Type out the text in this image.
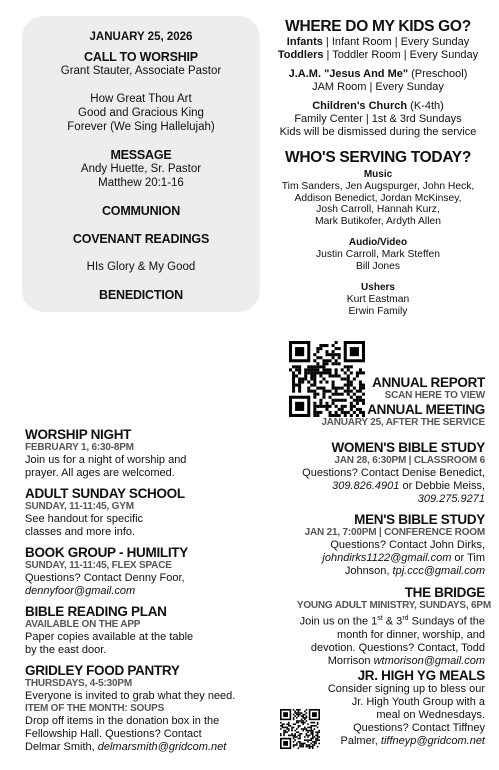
JANUARY 25, 2026
CALL TO WORSHIP
Grant Stauter, Associate Pastor
How Great Thou Art
Good and Gracious King
Forever (We Sing Hallelujah)
MESSAGE
Andy Huette, Sr. Pastor
Matthew 20:1-16
COMMUNION
COVENANT READINGS
HIs Glory & My Good
BENEDICTION
WHERE DO MY KIDS GO?
Infants | Infant Room | Every Sunday
Toddlers | Toddler Room | Every Sunday
J.A.M. "Jesus And Me" (Preschool)
JAM Room | Every Sunday
Children's Church (K-4th)
Family Center | 1st & 3rd Sundays
Kids will be dismissed during the service
WHO'S SERVING TODAY?
Music
Tim Sanders, Jen Augspurger, John Heck,
Addison Benedict, Jordan McKinsey,
Josh Carroll, Hannah Kurz,
Mark Butikofer, Ardyth Allen
Audio/Video
Justin Carroll, Mark Steffen
Bill Jones
Ushers
Kurt Eastman
Erwin Family
ANNUAL REPORT
SCAN HERE TO VIEW
ANNUAL MEETING
JANUARY 25, AFTER THE SERVICE
WOMEN'S BIBLE STUDY
JAN 28, 6:30PM | CLASSROOM 6
Questions? Contact Denise Benedict,
309.826.4901 or Debbie Meiss,
309.275.9271
MEN'S BIBLE STUDY
JAN 21, 7:00PM | CONFERENCE ROOM
Questions? Contact John Dirks,
johndirks1122@gmail.com or Tim
Johnson, tpj.ccc@gmail.com
THE BRIDGE
YOUNG ADULT MINISTRY, SUNDAYS, 6PM
Join us on the 1st & 3rd Sundays of the
month for dinner, worship, and
devotion. Questions? Contact, Todd
Morrison wtmorison@gmail.com
JR. HIGH YG MEALS
Consider signing up to bless our
Jr. High Youth Group with a
meal on Wednesdays.
Questions? Contact Tiffney
Palmer, tiffneyp@gridcom.net
WORSHIP NIGHT
FEBRUARY 1, 6:30-8PM
Join us for a night of worship and
prayer. All ages are welcomed.
ADULT SUNDAY SCHOOL
SUNDAY, 11-11:45, GYM
See handout for specific
classes and more info.
BOOK GROUP - HUMILITY
SUNDAY, 11-11:45, FLEX SPACE
Questions? Contact Denny Foor,
dennyfoor@gmail.com
BIBLE READING PLAN
AVAILABLE ON THE APP
Paper copies available at the table
by the east door.
GRIDLEY FOOD PANTRY
THURSDAYS, 4-5:30PM
Everyone is invited to grab what they need.
ITEM OF THE MONTH: SOUPS
Drop off items in the donation box in the
Fellowship Hall. Questions? Contact
Delmar Smith, delmarsmith@gridcom.net
